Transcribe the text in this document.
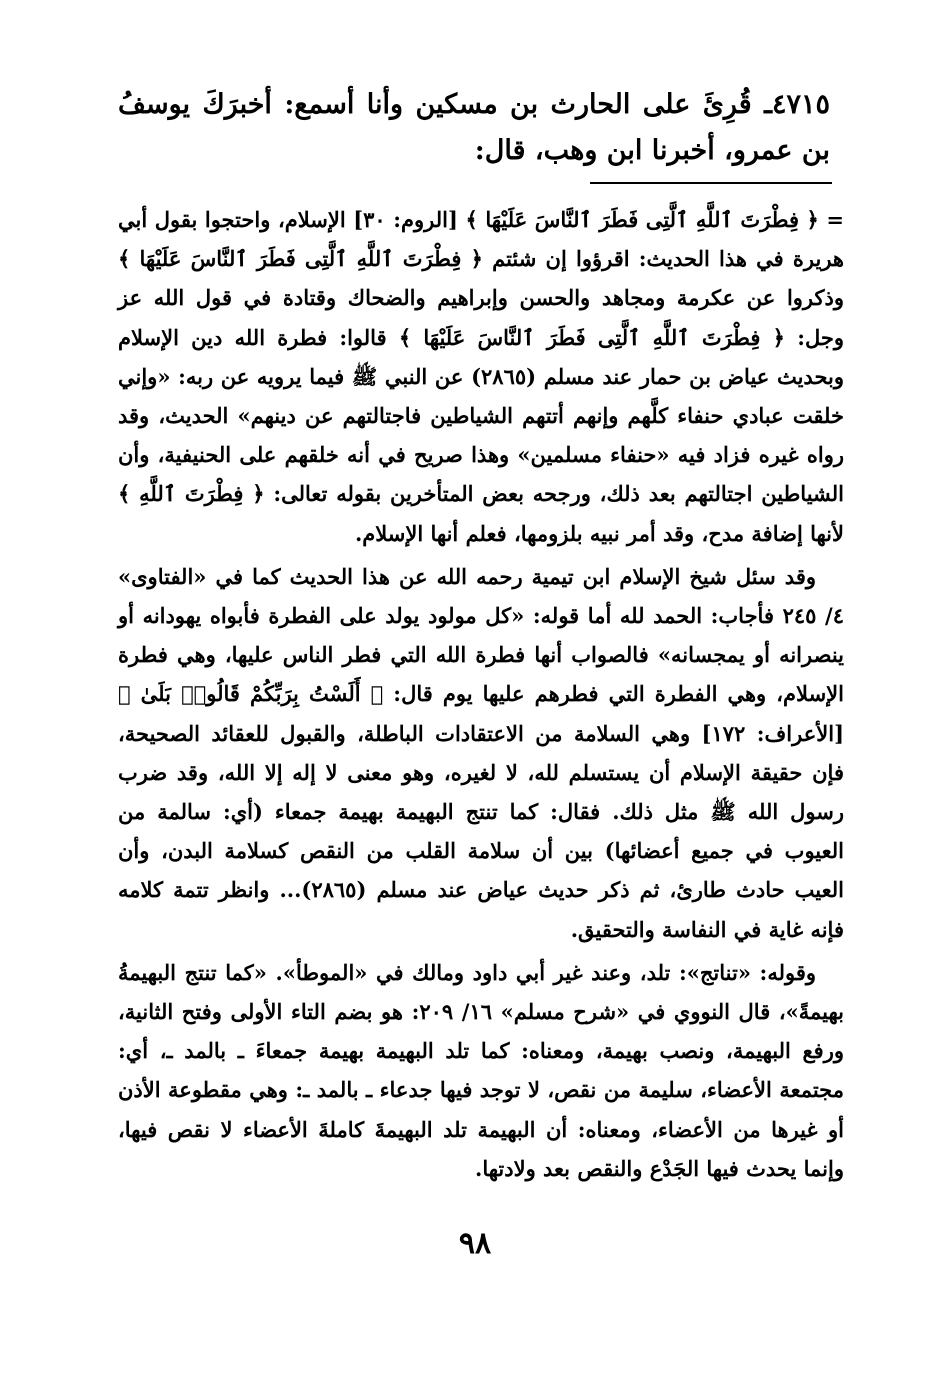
٤٧١٥ـ قُرِئَ على الحارث بن مسكين وأنا أسمع: أخبرَكَ يوسفُ بن عمرو، أخبرنا ابن وهب، قال:

= ﴿ فِطْرَتَ ٱللَّهِ ٱلَّتِى فَطَرَ ٱلنَّاسَ عَلَيْهَا ﴾ [الروم: ٣٠] الإسلام، واحتجوا بقول أبي هريرة في هذا الحديث: اقرؤوا إن شئتم ﴿ فِطْرَتَ ٱللَّهِ ٱلَّتِى فَطَرَ ٱلنَّاسَ عَلَيْهَا ﴾ وذكروا عن عكرمة ومجاهد والحسن وإبراهيم والضحاك وقتادة في قول الله عز وجل: ﴿ فِطْرَتَ ٱللَّهِ ٱلَّتِى فَطَرَ ٱلنَّاسَ عَلَيْهَا ﴾ قالوا: فطرة الله دين الإسلام وبحديث عياض بن حمار عند مسلم (٢٨٦٥) عن النبي ﷺ فيما يرويه عن ربه: «وإني خلقت عبادي حنفاء كلَّهم وإنهم أتتهم الشياطين فاجتالتهم عن دينهم» الحديث، وقد رواه غيره فزاد فيه «حنفاء مسلمين» وهذا صريح في أنه خلقهم على الحنيفية، وأن الشياطين اجتالتهم بعد ذلك، ورجحه بعض المتأخرين بقوله تعالى: ﴿ فِطْرَتَ ٱللَّهِ ﴾ لأنها إضافة مدح، وقد أمر نبيه بلزومها، فعلم أنها الإسلام.

وقد سئل شيخ الإسلام ابن تيمية رحمه الله عن هذا الحديث كما في «الفتاوى» ٤/ ٢٤٥ فأجاب: الحمد لله أما قوله: «كل مولود يولد على الفطرة فأبواه يهودانه أو ينصرانه أو يمجسانه» فالصواب أنها فطرة الله التي فطر الناس عليها، وهي فطرة الإسلام، وهي الفطرة التي فطرهم عليها يوم قال: ﴿ أَلَسْتُ بِرَبِّكُمْ قَالُوا۟ بَلَىٰ ﴾ [الأعراف: ١٧٢] وهي السلامة من الاعتقادات الباطلة، والقبول للعقائد الصحيحة، فإن حقيقة الإسلام أن يستسلم لله، لا لغيره، وهو معنى لا إله إلا الله، وقد ضرب رسول الله ﷺ مثل ذلك. فقال: كما تنتج البهيمة بهيمة جمعاء (أي: سالمة من العيوب في جميع أعضائها) بين أن سلامة القلب من النقص كسلامة البدن، وأن العيب حادث طارئ، ثم ذكر حديث عياض عند مسلم (٢٨٦٥)... وانظر تتمة كلامه فإنه غاية في النفاسة والتحقيق.

وقوله: «تناتج»: تلد، وعند غير أبي داود ومالك في «الموطأ». «كما تنتج البهيمةُ بهيمةً»، قال النووي في «شرح مسلم» ١٦/ ٢٠٩: هو بضم التاء الأولى وفتح الثانية، ورفع البهيمة، ونصب بهيمة، ومعناه: كما تلد البهيمة بهيمة جمعاءَ ـ بالمد ـ، أي: مجتمعة الأعضاء، سليمة من نقص، لا توجد فيها جدعاء ـ بالمد ـ: وهي مقطوعة الأذن أو غيرها من الأعضاء، ومعناه: أن البهيمة تلد البهيمةَ كاملةَ الأعضاء لا نقص فيها، وإنما يحدث فيها الجَدْع والنقص بعد ولادتها.

٩٨
